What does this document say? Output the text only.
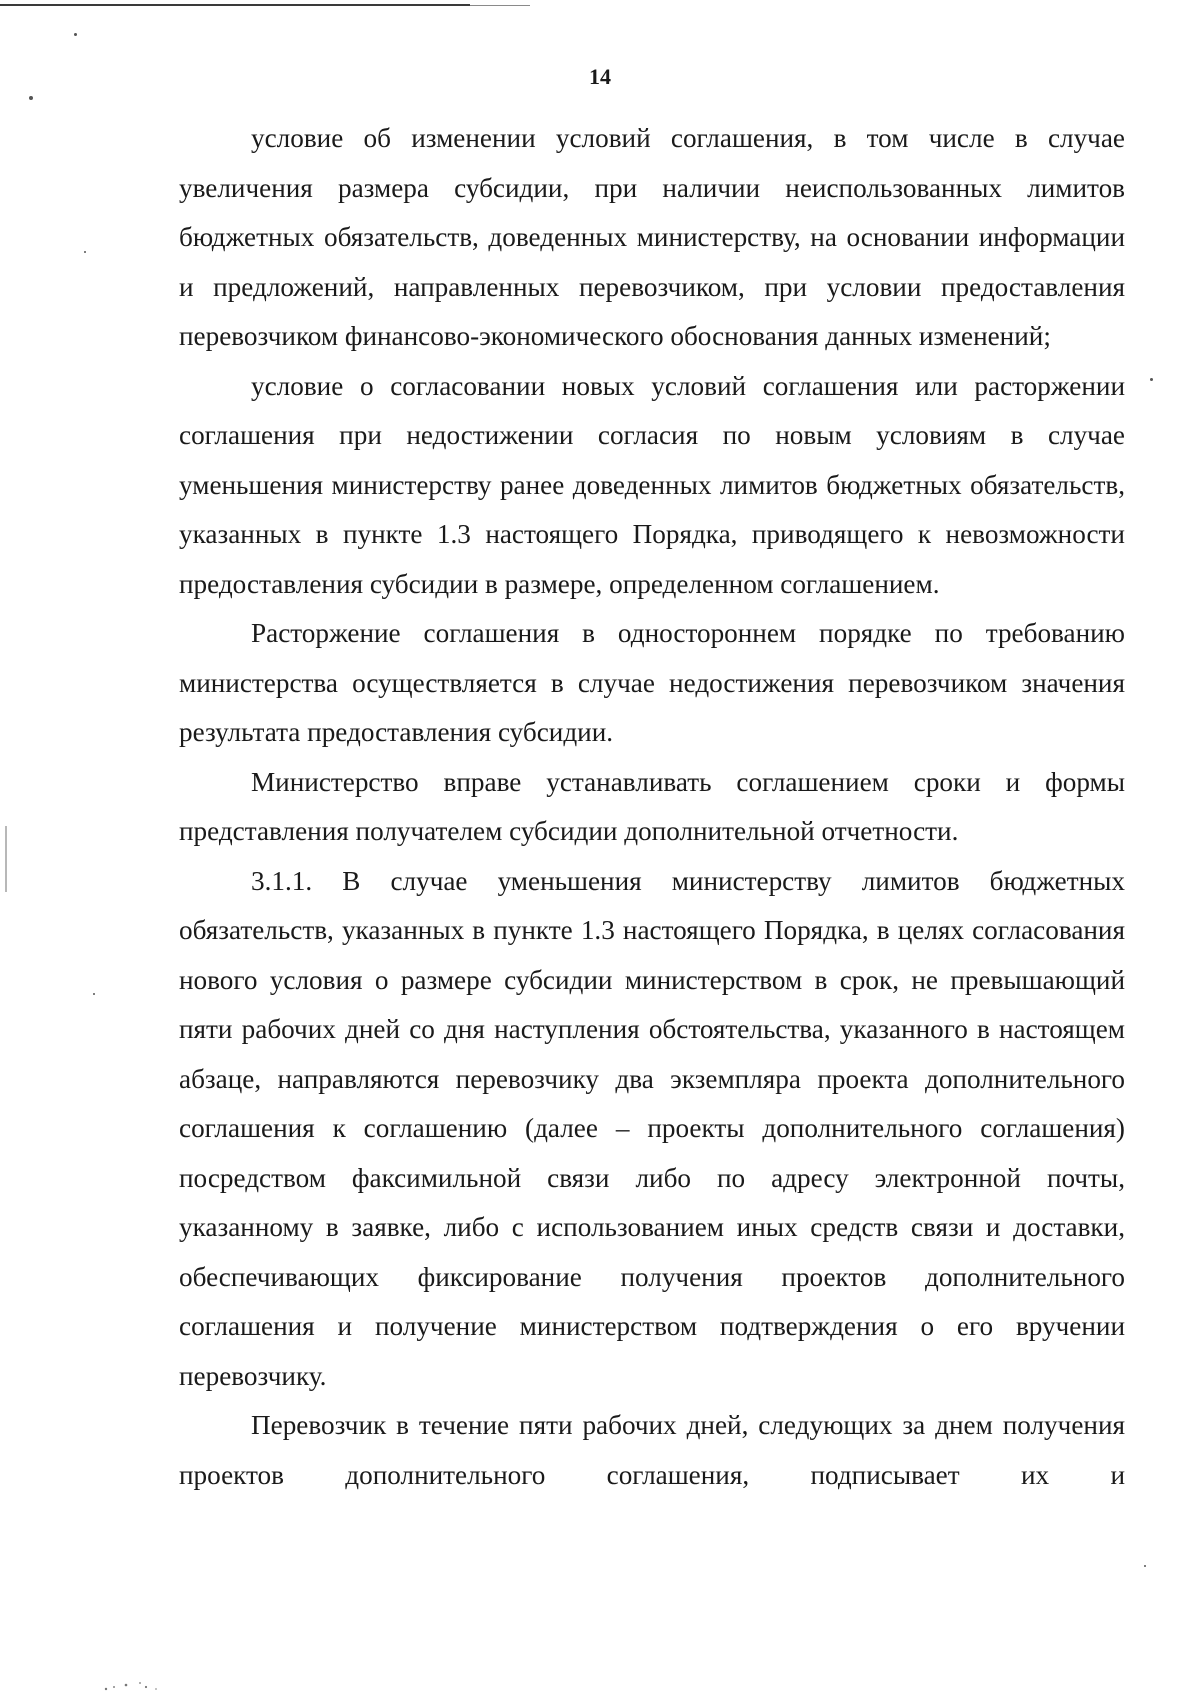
14

условие об изменении условий соглашения, в том числе в случае увеличения размера субсидии, при наличии неиспользованных лимитов бюджетных обязательств, доведенных министерству, на основании информации и предложений, направленных перевозчиком, при условии предоставления перевозчиком финансово-экономического обоснования данных изменений;

условие о согласовании новых условий соглашения или расторжении соглашения при недостижении согласия по новым условиям в случае уменьшения министерству ранее доведенных лимитов бюджетных обязательств, указанных в пункте 1.3 настоящего Порядка, приводящего к невозможности предоставления субсидии в размере, определенном соглашением.

Расторжение соглашения в одностороннем порядке по требованию министерства осуществляется в случае недостижения перевозчиком значения результата предоставления субсидии.

Министерство вправе устанавливать соглашением сроки и формы представления получателем субсидии дополнительной отчетности.

3.1.1. В случае уменьшения министерству лимитов бюджетных обязательств, указанных в пункте 1.3 настоящего Порядка, в целях согласования нового условия о размере субсидии министерством в срок, не превышающий пяти рабочих дней со дня наступления обстоятельства, указанного в настоящем абзаце, направляются перевозчику два экземпляра проекта дополнительного соглашения к соглашению (далее – проекты дополнительного соглашения) посредством факсимильной связи либо по адресу электронной почты, указанному в заявке, либо с использованием иных средств связи и доставки, обеспечивающих фиксирование получения проектов дополнительного соглашения и получение министерством подтверждения о его вручении перевозчику.

Перевозчик в течение пяти рабочих дней, следующих за днем получения проектов дополнительного соглашения, подписывает их и
